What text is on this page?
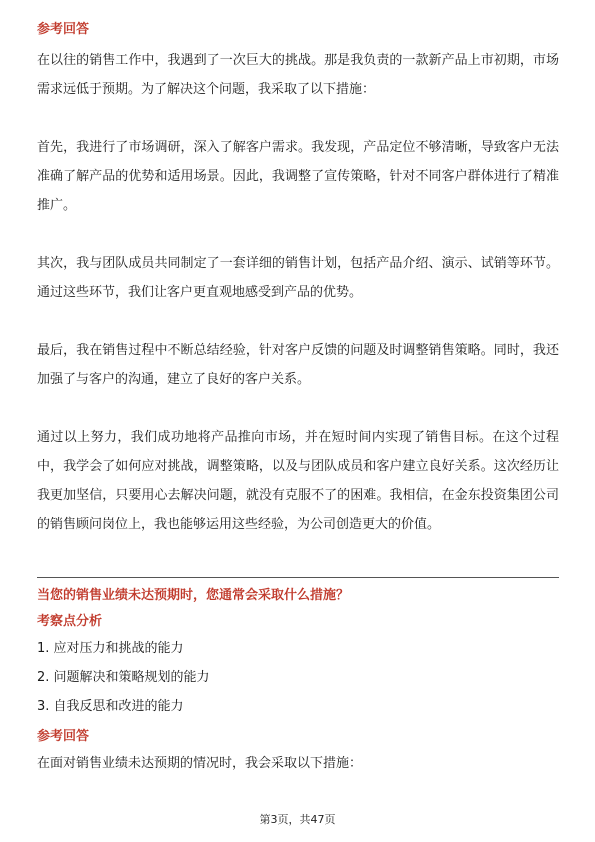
参考回答

在以往的销售工作中，我遇到了一次巨大的挑战。那是我负责的一款新产品上市初期，市场需求远低于预期。为了解决这个问题，我采取了以下措施：

首先，我进行了市场调研，深入了解客户需求。我发现，产品定位不够清晰，导致客户无法准确了解产品的优势和适用场景。因此，我调整了宣传策略，针对不同客户群体进行了精准推广。

其次，我与团队成员共同制定了一套详细的销售计划，包括产品介绍、演示、试销等环节。通过这些环节，我们让客户更直观地感受到产品的优势。

最后，我在销售过程中不断总结经验，针对客户反馈的问题及时调整销售策略。同时，我还加强了与客户的沟通，建立了良好的客户关系。

通过以上努力，我们成功地将产品推向市场，并在短时间内实现了销售目标。在这个过程中，我学会了如何应对挑战，调整策略，以及与团队成员和客户建立良好关系。这次经历让我更加坚信，只要用心去解决问题，就没有克服不了的困难。我相信，在金东投资集团公司的销售顾问岗位上，我也能够运用这些经验，为公司创造更大的价值。

当您的销售业绩未达预期时，您通常会采取什么措施？

考察点分析

1. 应对压力和挑战的能力

2. 问题解决和策略规划的能力

3. 自我反思和改进的能力

参考回答

在面对销售业绩未达预期的情况时，我会采取以下措施：

第3页，共47页
